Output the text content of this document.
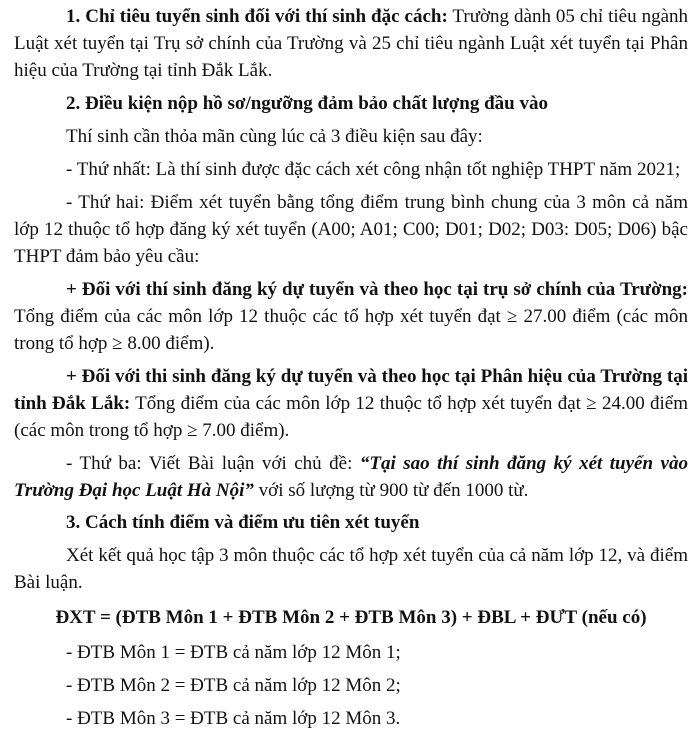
1. Chỉ tiêu tuyển sinh đối với thí sinh đặc cách: Trường dành 05 chỉ tiêu ngành Luật xét tuyển tại Trụ sở chính của Trường và 25 chỉ tiêu ngành Luật xét tuyển tại Phân hiệu của Trường tại tỉnh Đắk Lắk.

2. Điều kiện nộp hồ sơ/ngưỡng đảm bảo chất lượng đầu vào

Thí sinh cần thỏa mãn cùng lúc cả 3 điều kiện sau đây:

- Thứ nhất: Là thí sinh được đặc cách xét công nhận tốt nghiệp THPT năm 2021;

- Thứ hai: Điểm xét tuyển bằng tổng điểm trung bình chung của 3 môn cả năm lớp 12 thuộc tổ hợp đăng ký xét tuyển (A00; A01; C00; D01; D02; D03: D05; D06) bậc THPT đảm bảo yêu cầu:

+ Đối với thí sinh đăng ký dự tuyển và theo học tại trụ sở chính của Trường: Tổng điểm của các môn lớp 12 thuộc các tổ hợp xét tuyển đạt ≥ 27.00 điểm (các môn trong tổ hợp ≥ 8.00 điểm).

+ Đối với thi sinh đăng ký dự tuyển và theo học tại Phân hiệu của Trường tại tỉnh Đắk Lắk: Tổng điểm của các môn lớp 12 thuộc tổ hợp xét tuyển đạt ≥ 24.00 điểm (các môn trong tổ hợp ≥ 7.00 điểm).

- Thứ ba: Viết Bài luận với chủ đề: “Tại sao thí sinh đăng ký xét tuyển vào Trường Đại học Luật Hà Nội” với số lượng từ 900 từ đến 1000 từ.

3. Cách tính điểm và điểm ưu tiên xét tuyển

Xét kết quả học tập 3 môn thuộc các tổ hợp xét tuyển của cả năm lớp 12, và điểm Bài luận.

ĐXT = (ĐTB Môn 1 + ĐTB Môn 2 + ĐTB Môn 3) + ĐBL + ĐƯT (nếu có)

- ĐTB Môn 1 = ĐTB cả năm lớp 12 Môn 1;

- ĐTB Môn 2 = ĐTB cả năm lớp 12 Môn 2;

- ĐTB Môn 3 = ĐTB cả năm lớp 12 Môn 3.
